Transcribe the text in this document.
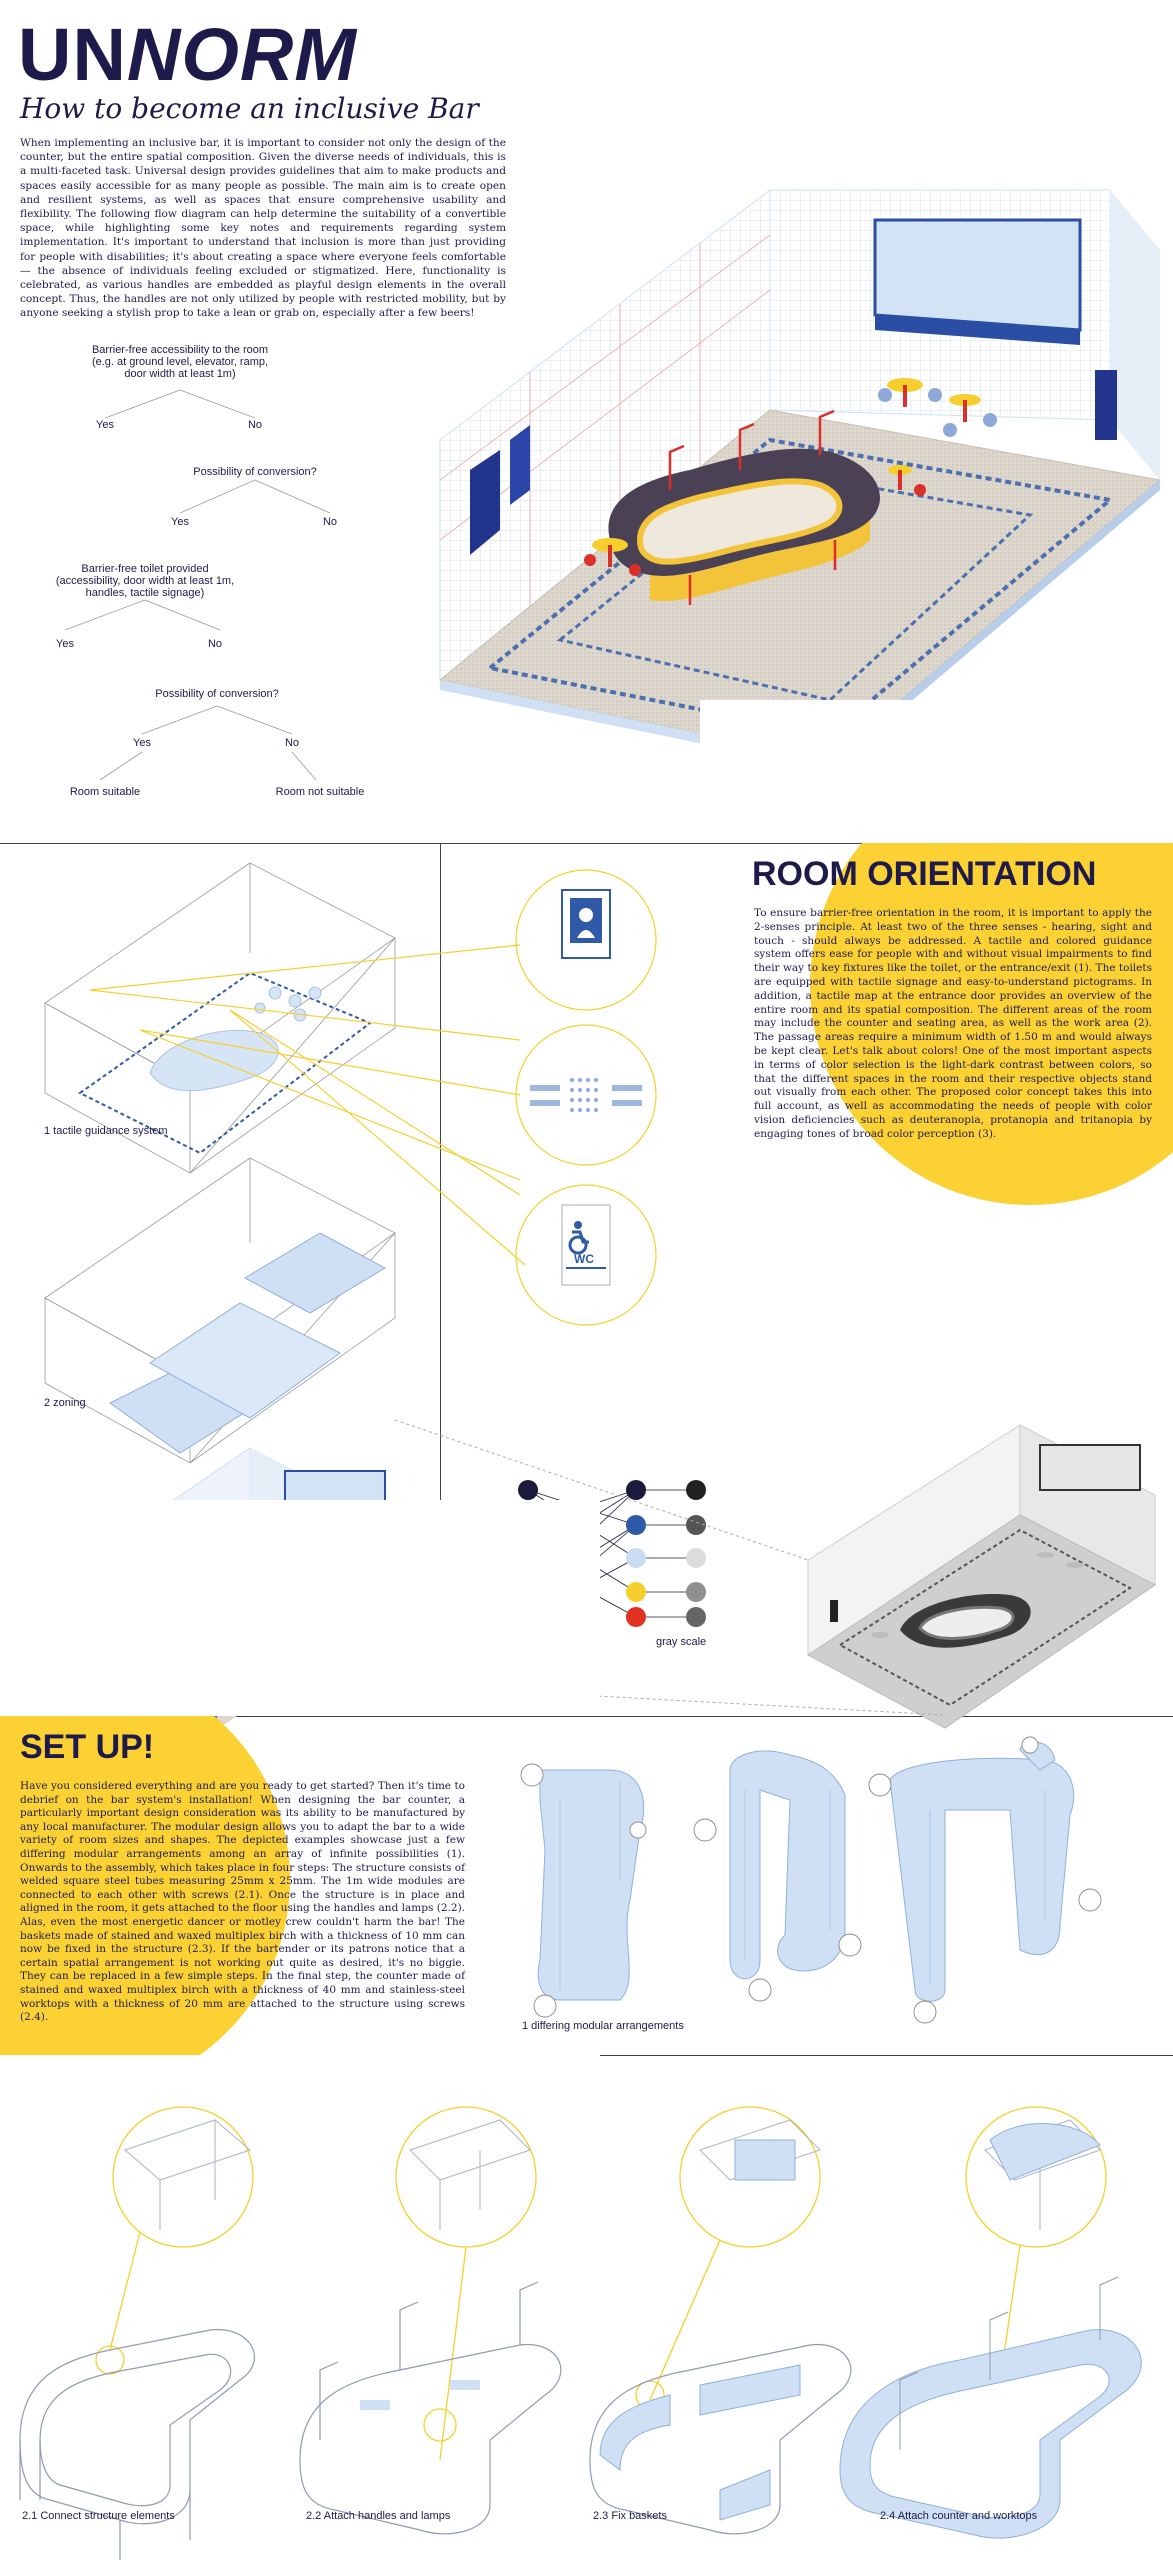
UNNORM
How to become an inclusive Bar
When implementing an inclusive bar, it is important to consider not only the design of the counter, but the entire spatial composition. Given the diverse needs of individuals, this is a multi-faceted task. Universal design provides guidelines that aim to make products and spaces easily accessible for as many people as possible. The main aim is to create open and resilient systems, as well as spaces that ensure comprehensive usability and flexibility. The following flow diagram can help determine the suitability of a convertible space, while highlighting some key notes and requirements regarding system implementation. It's important to understand that inclusion is more than just providing for people with disabilities; it's about creating a space where everyone feels comfortable — the absence of individuals feeling excluded or stigmatized. Here, functionality is celebrated, as various handles are embedded as playful design elements in the overall concept. Thus, the handles are not only utilized by people with restricted mobility, but by anyone seeking a stylish prop to take a lean or grab on, especially after a few beers!
Barrier-free accessibility to the room (e.g. at ground level, elevator, ramp, door width at least 1m)
Yes	No
Possibility of conversion?
Yes	No
Barrier-free toilet provided (accessibility, door width at least 1m, handles, tactile signage)
Yes	No
Possibility of conversion?
Yes	No
Room suitable	Room not suitable
ROOM ORIENTATION
To ensure barrier-free orientation in the room, it is important to apply the 2-senses principle. At least two of the three senses - hearing, sight and touch - should always be addressed. A tactile and colored guidance system offers ease for people with and without visual impairments to find their way to key fixtures like the toilet, or the entrance/exit (1). The toilets are equipped with tactile signage and easy-to-understand pictograms. In addition, a tactile map at the entrance door provides an overview of the entire room and its spatial composition. The different areas of the room may include the counter and seating area, as well as the work area (2). The passage areas require a minimum width of 1.50 m and would always be kept clear. Let's talk about colors! One of the most important aspects in terms of color selection is the light-dark contrast between colors, so that the different spaces in the room and their respective objects stand out visually from each other. The proposed color concept takes this into full account, as well as accommodating the needs of people with color vision deficiencies such as deuteranopia, protanopia and tritanopia by engaging tones of broad color perception (3).
1 tactile guidance system
2 zoning
WC
gray scale
SET UP!
Have you considered everything and are you ready to get started? Then it's time to debrief on the bar system's installation! When designing the bar counter, a particularly important design consideration was its ability to be manufactured by any local manufacturer. The modular design allows you to adapt the bar to a wide variety of room sizes and shapes. The depicted examples showcase just a few differing modular arrangements among an array of infinite possibilities (1). Onwards to the assembly, which takes place in four steps: The structure consists of welded square steel tubes measuring 25mm x 25mm. The 1m wide modules are connected to each other with screws (2.1). Once the structure is in place and aligned in the room, it gets attached to the floor using the handles and lamps (2.2). Alas, even the most energetic dancer or motley crew couldn't harm the bar! The baskets made of stained and waxed multiplex birch with a thickness of 10 mm can now be fixed in the structure (2.3). If the bartender or its patrons notice that a certain spatial arrangement is not working out quite as desired, it's no biggie. They can be replaced in a few simple steps. In the final step, the counter made of stained and waxed multiplex birch with a thickness of 40 mm and stainless-steel worktops with a thickness of 20 mm are attached to the structure using screws (2.4).
1 differing modular arrangements
2.1 Connect structure elements	2.2 Attach handles and lamps	2.3 Fix baskets	2.4 Attach counter and worktops
